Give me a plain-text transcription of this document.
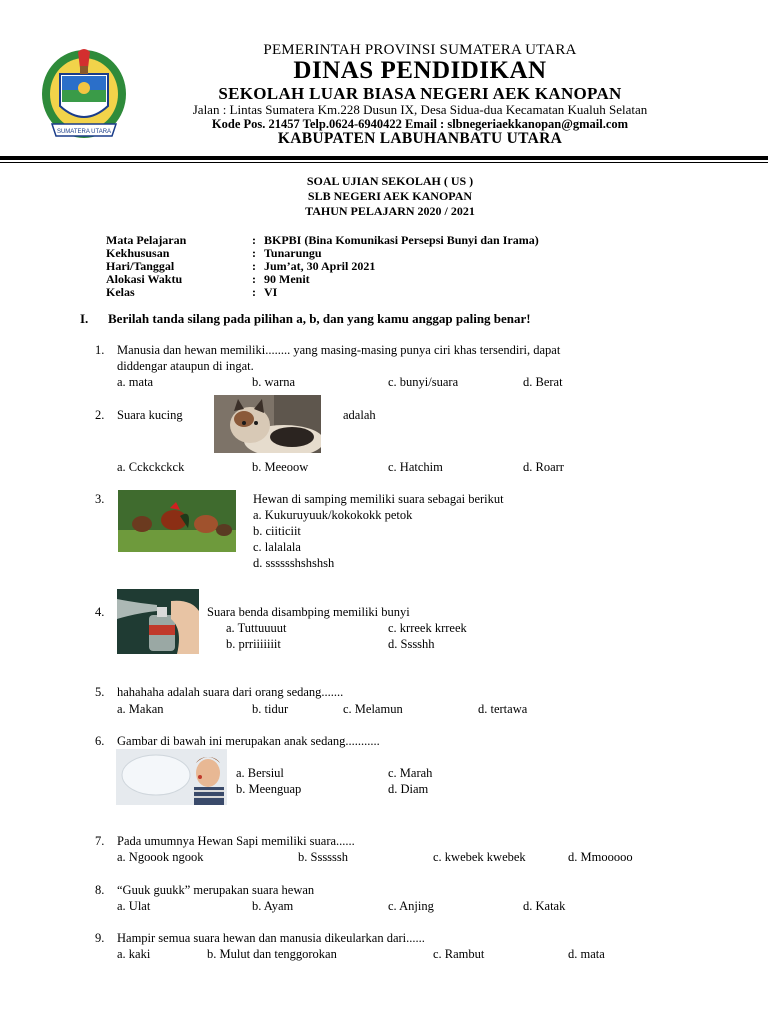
SUMATERA UTARA
PEMERINTAH PROVINSI SUMATERA UTARA
DINAS PENDIDIKAN
SEKOLAH LUAR BIASA NEGERI AEK KANOPAN
Jalan : Lintas Sumatera Km.228 Dusun IX, Desa Sidua-dua Kecamatan Kualuh Selatan
Kode Pos. 21457 Telp.0624-6940422 Email : slbnegeriaekkanopan@gmail.com
KABUPATEN LABUHANBATU UTARA
SOAL UJIAN SEKOLAH ( US )
SLB NEGERI AEK KANOPAN
TAHUN PELAJARN 2020 / 2021
Mata Pelajaran	: BKPBI (Bina Komunikasi Persepsi Bunyi dan Irama)
Kekhususan	: Tunarungu
Hari/Tanggal	: Jum’at, 30 April 2021
Alokasi Waktu	: 90 Menit
Kelas	: VI
I. Berilah tanda silang pada pilihan a, b, dan yang kamu anggap paling benar!
1. Manusia dan hewan memiliki........ yang masing-masing punya ciri khas tersendiri, dapat
diddengar ataupun di ingat.
a. mata	b. warna	c. bunyi/suara	d. Berat
2. Suara kucing	adalah
a. Cckckckck	b. Meeoow	c. Hatchim	d. Roarr
3.	Hewan di samping memiliki suara sebagai berikut
a. Kukuruyuuk/kokokokk petok
b. ciiticiit
c. lalalala
d. sssssshshshsh
4.	Suara benda disambping memiliki bunyi
a. Tuttuuuut	c. krreek krreek
b. prriiiiiiit	d. Sssshh
5. hahahaha adalah suara dari orang sedang.......
a. Makan	b. tidur	c. Melamun	d. tertawa
6. Gambar di bawah ini merupakan anak sedang...........
a. Bersiul	c. Marah
b. Meenguap	d. Diam
7. Pada umumnya Hewan Sapi memiliki suara......
a. Ngoook ngook	b. Ssssssh	c. kwebek kwebek	d. Mmooooo
8. “Guuk guukk” merupakan suara hewan
a. Ulat	b. Ayam	c. Anjing	d. Katak
9. Hampir semua suara hewan dan manusia dikeularkan dari......
a. kaki	b. Mulut dan tenggorokan	c. Rambut	d. mata
